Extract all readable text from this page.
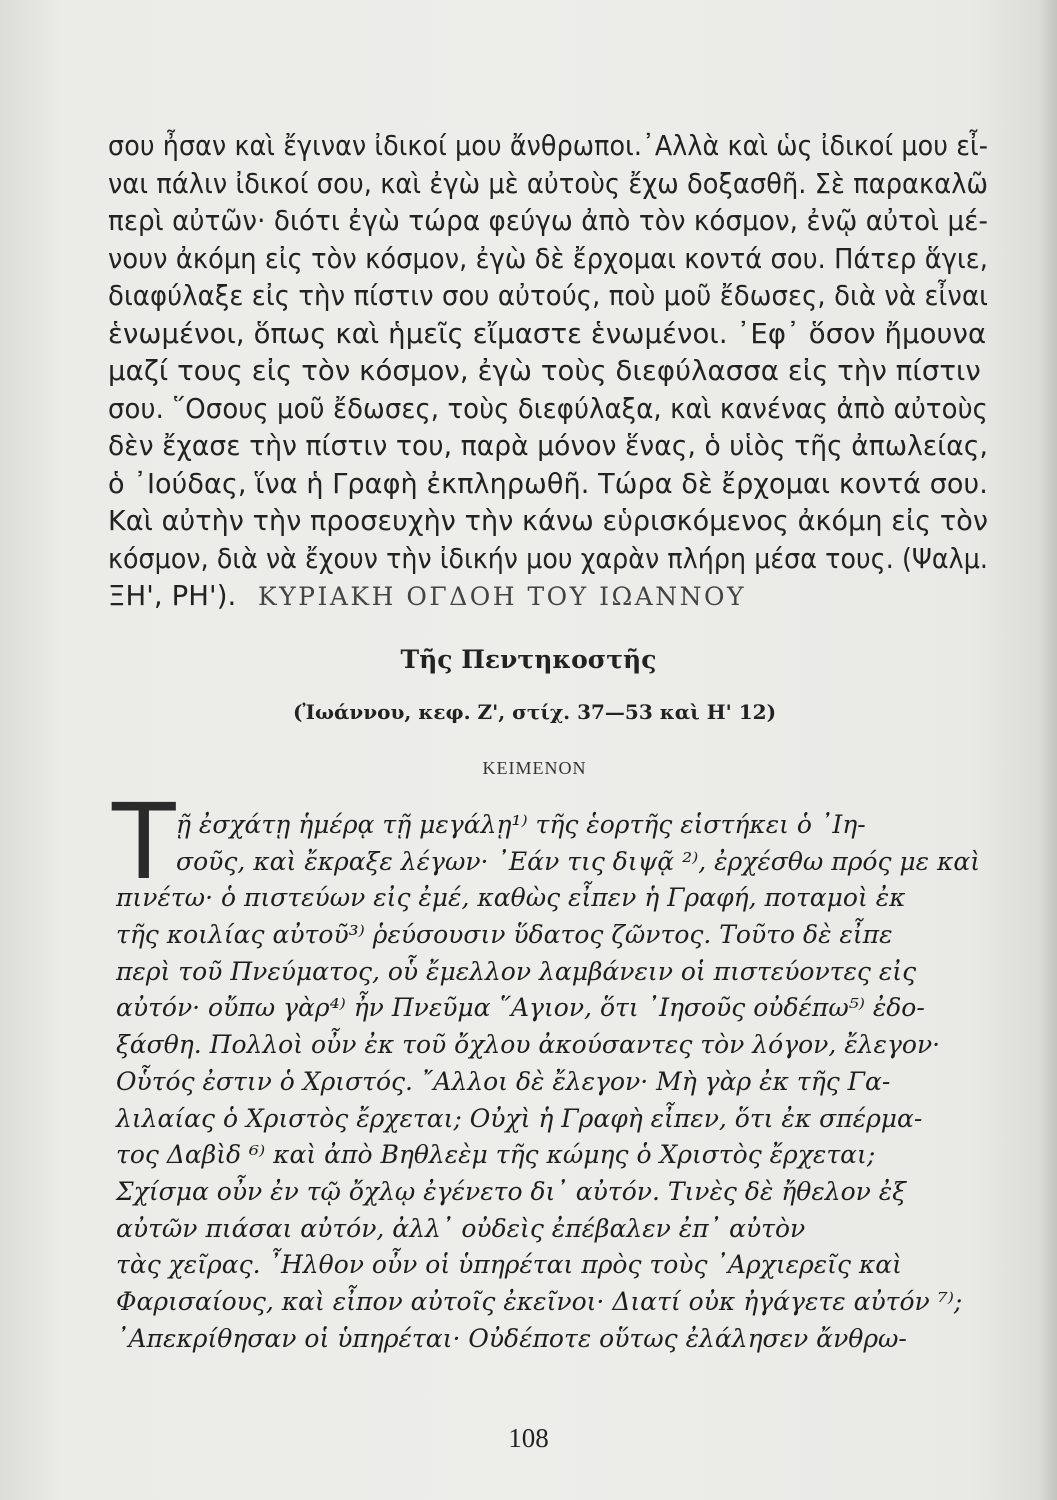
σου ἦσαν καὶ ἔγιναν ἰδικοί μου ἄνθρωποι.᾿Αλλὰ καὶ ὡς ἰδικοί μου εἶ-
ναι πάλιν ἰδικοί σου, καὶ ἐγὼ μὲ αὐτοὺς ἔχω δοξασθῆ. Σὲ παρακαλῶ
περὶ αὐτῶν· διότι ἐγὼ τώρα φεύγω ἀπὸ τὸν κόσμον, ἐνῷ αὐτοὶ μέ-
νουν ἀκόμη εἰς τὸν κόσμον, ἐγὼ δὲ ἔρχομαι κοντά σου. Πάτερ ἅγιε,
διαφύλαξε εἰς τὴν πίστιν σου αὐτούς, ποὺ μοῦ ἔδωσες, διὰ νὰ εἶναι
ἑνωμένοι, ὅπως καὶ ἡμεῖς εἴμαστε ἑνωμένοι. ᾿Εφ᾿ ὅσον ἤμουνα
μαζί τους εἰς τὸν κόσμον, ἐγὼ τοὺς διεφύλασσα εἰς τὴν πίστιν
σου. ῞Οσους μοῦ ἔδωσες, τοὺς διεφύλαξα, καὶ κανένας ἀπὸ αὐτοὺς
δὲν ἔχασε τὴν πίστιν του, παρὰ μόνον ἕνας, ὁ υἱὸς τῆς ἀπωλείας,
ὁ ᾿Ιούδας, ἵνα ἡ Γραφὴ ἐκπληρωθῆ. Τώρα δὲ ἔρχομαι κοντά σου.
Καὶ αὐτὴν τὴν προσευχὴν τὴν κάνω εὑρισκόμενος ἀκόμη εἰς τὸν
κόσμον, διὰ νὰ ἔχουν τὴν ἰδικήν μου χαρὰν πλήρη μέσα τους. (Ψαλμ.
ΞΗ', ΡΗ'). ΚΥΡΙΑΚΗ ΟΓΔΟΗ ΤΟΥ ΙΩΑΝΝΟΥ
Τῆς Πεντηκοστῆς
(Ἰωάννου, κεφ. Ζ', στίχ. 37—53 καὶ Η' 12)
ΚΕΙΜΕΝΟΝ
T ῇ ἐσχάτῃ ἡμέρᾳ τῇ μεγάλῃ¹⁾ τῆς ἑορτῆς εἱστήκει ὁ ᾿Ιη-
σοῦς, καὶ ἔκραξε λέγων· ᾿Εάν τις διψᾷ ²⁾, ἐρχέσθω πρός με καὶ
πινέτω· ὁ πιστεύων εἰς ἐμέ, καθὼς εἶπεν ἡ Γραφή, ποταμοὶ ἐκ
τῆς κοιλίας αὐτοῦ³⁾ ῥεύσουσιν ὕδατος ζῶντος. Τοῦτο δὲ εἶπε
περὶ τοῦ Πνεύματος, οὗ ἔμελλον λαμβάνειν οἱ πιστεύοντες εἰς
αὐτόν· οὔπω γὰρ⁴⁾ ἦν Πνεῦμα ῞Αγιον, ὅτι ᾿Ιησοῦς οὐδέπω⁵⁾ ἐδο-
ξάσθη. Πολλοὶ οὖν ἐκ τοῦ ὄχλου ἀκούσαντες τὸν λόγον, ἔλεγον·
Οὗτός ἐστιν ὁ Χριστός. ῎Αλλοι δὲ ἔλεγον· Μὴ γὰρ ἐκ τῆς Γα-
λιλαίας ὁ Χριστὸς ἔρχεται; Οὐχὶ ἡ Γραφὴ εἶπεν, ὅτι ἐκ σπέρμα-
τος Δαβὶδ ⁶⁾ καὶ ἀπὸ Βηθλεὲμ τῆς κώμης ὁ Χριστὸς ἔρχεται;
Σχίσμα οὖν ἐν τῷ ὄχλῳ ἐγένετο δι᾿ αὐτόν. Τινὲς δὲ ἤθελον ἐξ
αὐτῶν πιάσαι αὐτόν, ἀλλ᾿ οὐδεὶς ἐπέβαλεν ἐπ᾿ αὐτὸν
τὰς χεῖρας. ῏Ηλθον οὖν οἱ ὑπηρέται πρὸς τοὺς ᾿Αρχιερεῖς καὶ
Φαρισαίους, καὶ εἶπον αὐτοῖς ἐκεῖνοι· Διατί οὐκ ἠγάγετε αὐτόν ⁷⁾;
᾿Απεκρίθησαν οἱ ὑπηρέται· Οὐδέποτε οὕτως ἐλάλησεν ἄνθρω-
108
